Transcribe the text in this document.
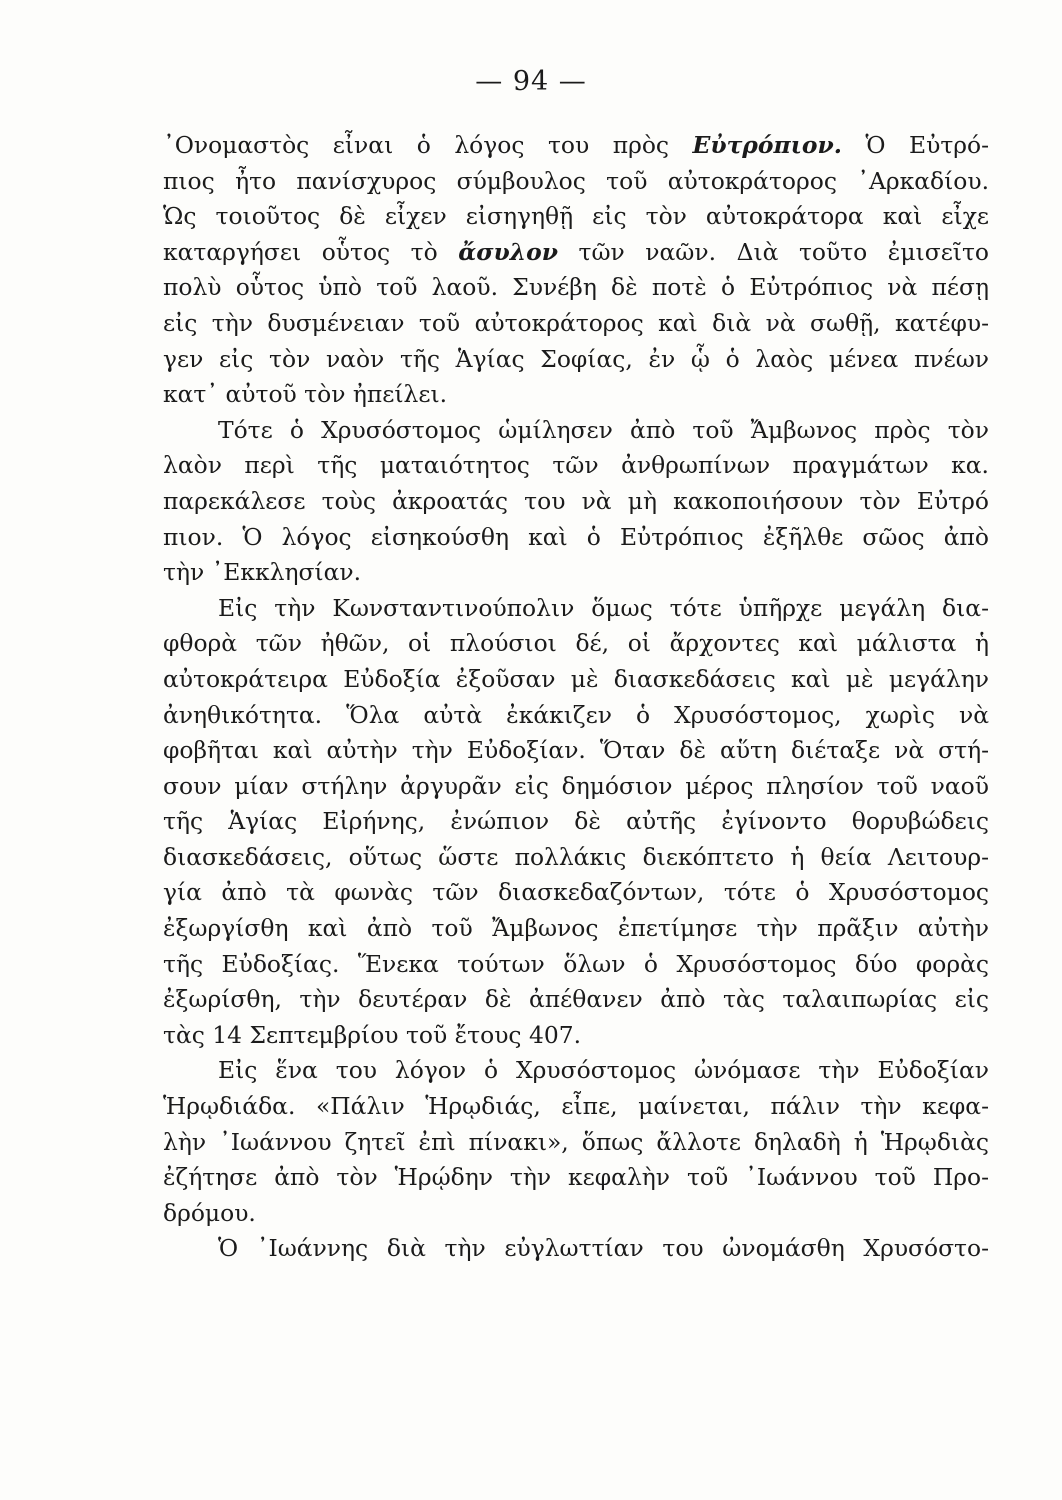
— 94 —
᾿Ονομαστὸς εἶναι ὁ λόγος του πρὸς Εὐτρόπιον. Ὁ Εὐτρό-
πιος ἦτο πανίσχυρος σύμβουλος τοῦ αὐτοκράτορος ᾿Αρκαδίου.
Ὡς τοιοῦτος δὲ εἶχεν εἰσηγηθῇ εἰς τὸν αὐτοκράτορα καὶ εἶχε
καταργήσει οὗτος τὸ ἄσυλον τῶν ναῶν. Διὰ τοῦτο ἐμισεῖτο
πολὺ οὗτος ὑπὸ τοῦ λαοῦ. Συνέβη δὲ ποτὲ ὁ Εὐτρόπιος νὰ πέσῃ
εἰς τὴν δυσμένειαν τοῦ αὐτοκράτορος καὶ διὰ νὰ σωθῇ, κατέφυ-
γεν εἰς τὸν ναὸν τῆς Ἁγίας Σοφίας, ἐν ᾧ ὁ λαὸς μένεα πνέων
κατ᾿ αὐτοῦ τὸν ἠπείλει.
Τότε ὁ Χρυσόστομος ὡμίλησεν ἀπὸ τοῦ Ἄμβωνος πρὸς τὸν
λαὸν περὶ τῆς ματαιότητος τῶν ἀνθρωπίνων πραγμάτων κα.
παρεκάλεσε τοὺς ἀκροατάς του νὰ μὴ κακοποιήσουν τὸν Εὐτρό
πιον. Ὁ λόγος εἰσηκούσθη καὶ ὁ Εὐτρόπιος ἐξῆλθε σῶος ἀπὸ
τὴν ᾿Εκκλησίαν.
Εἰς τὴν Κωνσταντινούπολιν ὅμως τότε ὑπῆρχε μεγάλη δια-
φθορὰ τῶν ἠθῶν, οἱ πλούσιοι δέ, οἱ ἄρχοντες καὶ μάλιστα ἡ
αὐτοκράτειρα Εὐδοξία ἐξοῦσαν μὲ διασκεδάσεις καὶ μὲ μεγάλην
ἀνηθικότητα. Ὅλα αὐτὰ ἐκάκιζεν ὁ Χρυσόστομος, χωρὶς νὰ
φοβῆται καὶ αὐτὴν τὴν Εὐδοξίαν. Ὅταν δὲ αὕτη διέταξε νὰ στή-
σουν μίαν στήλην ἀργυρᾶν εἰς δημόσιον μέρος πλησίον τοῦ ναοῦ
τῆς Ἁγίας Εἰρήνης, ἐνώπιον δὲ αὐτῆς ἐγίνοντο θορυβώδεις
διασκεδάσεις, οὕτως ὥστε πολλάκις διεκόπτετο ἡ θεία Λειτουρ-
γία ἀπὸ τὰ φωνὰς τῶν διασκεδαζόντων, τότε ὁ Χρυσόστομος
ἐξωργίσθη καὶ ἀπὸ τοῦ Ἄμβωνος ἐπετίμησε τὴν πρᾶξιν αὐτὴν
τῆς Εὐδοξίας. Ἕνεκα τούτων ὅλων ὁ Χρυσόστομος δύο φορὰς
ἐξωρίσθη, τὴν δευτέραν δὲ ἀπέθανεν ἀπὸ τὰς ταλαιπωρίας εἰς
τὰς 14 Σεπτεμβρίου τοῦ ἔτους 407.
Εἰς ἕνα του λόγον ὁ Χρυσόστομος ὠνόμασε τὴν Εὐδοξίαν
Ἡρῳδιάδα. «Πάλιν Ἡρῳδιάς, εἶπε, μαίνεται, πάλιν τὴν κεφα-
λὴν ᾿Ιωάννου ζητεῖ ἐπὶ πίνακι», ὅπως ἄλλοτε δηλαδὴ ἡ Ἡρῳδιὰς
ἐζήτησε ἀπὸ τὸν Ἡρῴδην τὴν κεφαλὴν τοῦ ᾿Ιωάννου τοῦ Προ-
δρόμου.
Ὁ ᾿Ιωάννης διὰ τὴν εὐγλωττίαν του ὠνομάσθη Χρυσόστο-
